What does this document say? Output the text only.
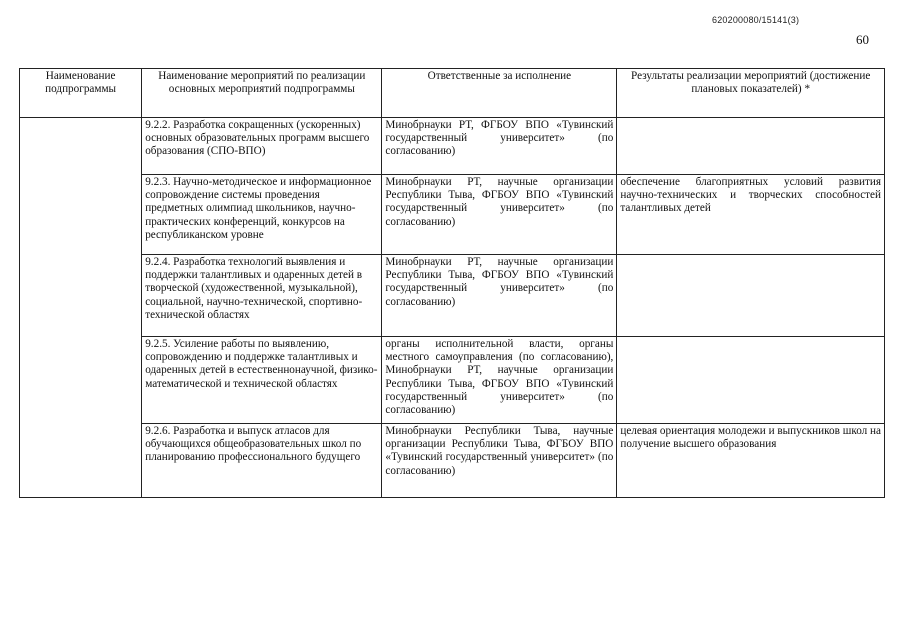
620200080/15141(3)
60
Наименование подпрограммы	Наименование мероприятий по реализации основных мероприятий подпрограммы	Ответственные за исполнение	Результаты реализации мероприятий (достижение плановых показателей) *

	9.2.2. Разработка сокращенных (ускоренных) основных образовательных программ высшего образования (СПО-ВПО)	Минобрнауки РТ, ФГБОУ ВПО «Тувинский государственный университет» (по согласованию)	

	9.2.3. Научно-методическое и информационное сопровождение системы проведения предметных олимпиад школьников, научно-практических конференций, конкурсов на республиканском уровне	Минобрнауки РТ, научные организации Республики Тыва, ФГБОУ ВПО «Тувинский государственный университет» (по согласованию)	обеспечение благоприятных условий развития научно-технических и творческих способностей талантливых детей

	9.2.4. Разработка технологий выявления и поддержки талантливых и одаренных детей в творческой (художественной, музыкальной), социальной, научно-технической, спортивно-технической областях	Минобрнауки РТ, научные организации Республики Тыва, ФГБОУ ВПО «Тувинский государственный университет» (по согласованию)	

	9.2.5. Усиление работы по выявлению, сопровождению и поддержке талантливых и одаренных детей в естественнонаучной, физико-математической и технической областях	органы исполнительной власти, органы местного самоуправления (по согласованию), Минобрнауки РТ, научные организации Республики Тыва, ФГБОУ ВПО «Тувинский государственный университет» (по согласованию)	

	9.2.6. Разработка и выпуск атласов для обучающихся общеобразовательных школ по планированию профессионального будущего	Минобрнауки Республики Тыва, научные организации Республики Тыва, ФГБОУ ВПО «Тувинский государственный университет» (по согласованию)	целевая ориентация молодежи и выпускников школ на получение высшего образования
